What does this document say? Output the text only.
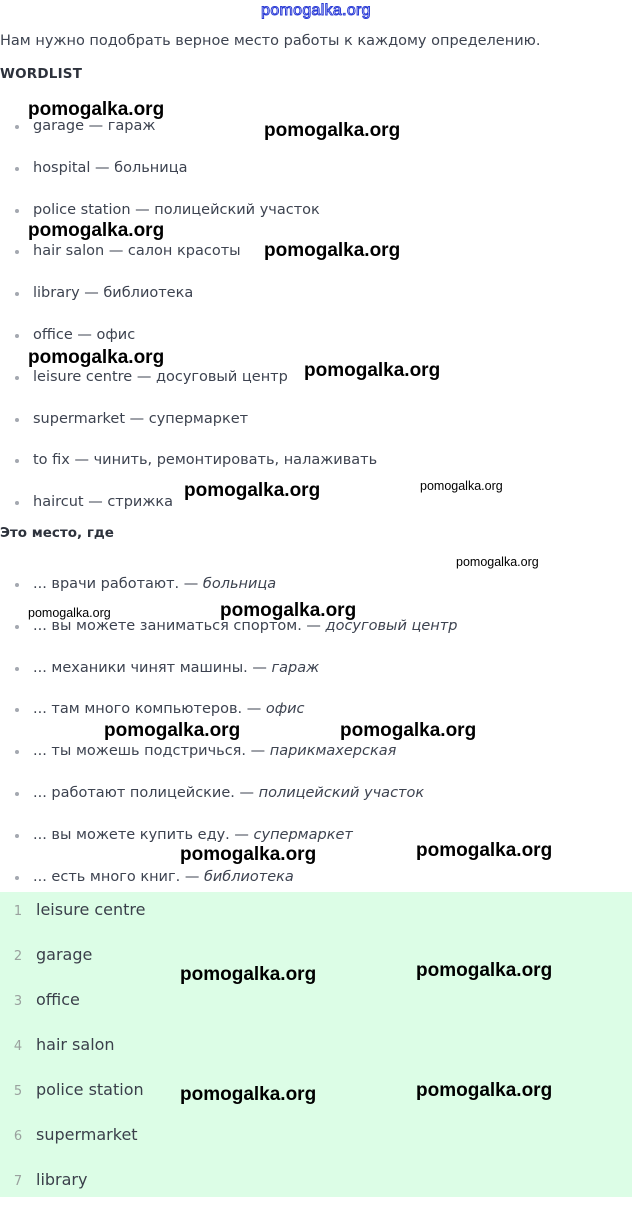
pomogalka.org
Нам нужно подобрать верное место работы к каждому определению.
WORDLIST
garage — гараж
hospital — больница
police station — полицейский участок
hair salon — салон красоты
library — библиотека
office — офис
leisure centre — досуговый центр
supermarket — супермаркет
to fix — чинить, ремонтировать, налаживать
haircut — стрижка
Это место, где
... врачи работают. — больница
... вы можете заниматься спортом. — досуговый центр
... механики чинят машины. — гараж
... там много компьютеров. — офис
... ты можешь подстричься. — парикмахерская
... работают полицейские. — полицейский участок
... вы можете купить еду. — супермаркет
... есть много книг. — библиотека
1 leisure centre
2 garage
3 office
4 hair salon
5 police station
6 supermarket
7 library
pomogalka.org
pomogalka.org
pomogalka.org
pomogalka.org
pomogalka.org
pomogalka.org
pomogalka.org	pomogalka.org
pomogalka.org
pomogalka.org	pomogalka.org
pomogalka.org	pomogalka.org
pomogalka.org	pomogalka.org
pomogalka.org	pomogalka.org
pomogalka.org	pomogalka.org
